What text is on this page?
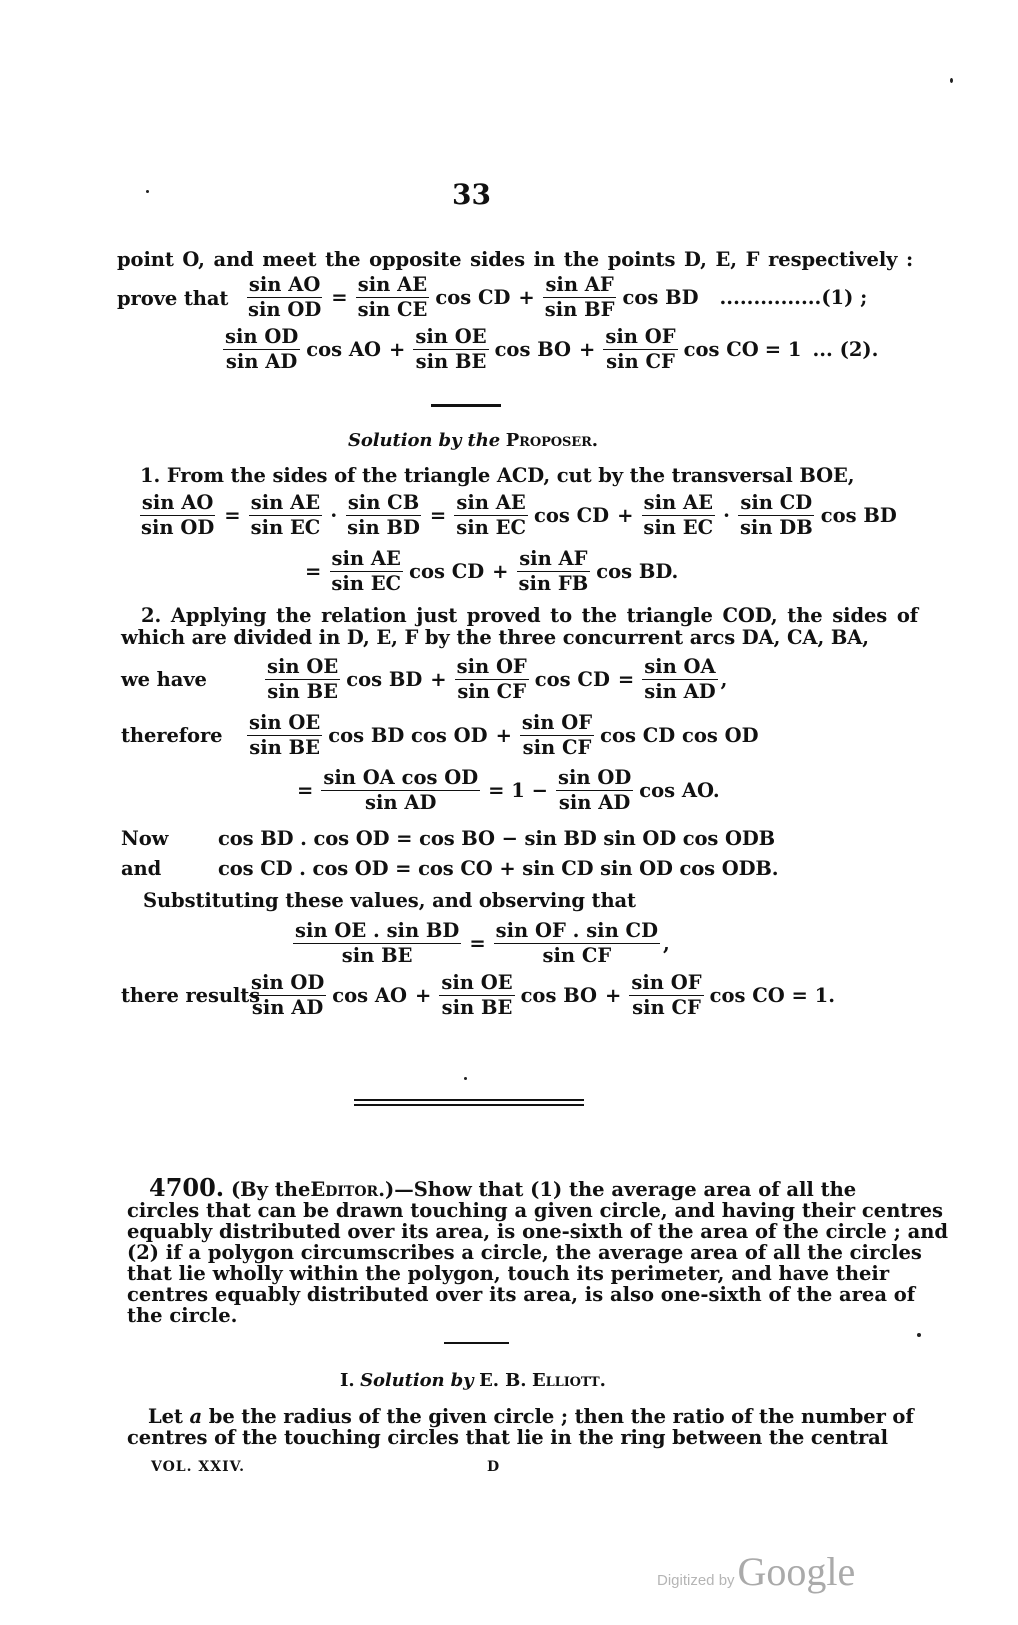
33
point O, and meet the opposite sides in the points D, E, F respectively :
prove that $\frac{\text{sin AO}}{\text{sin OD}} = \frac{\text{sin AE}}{\text{sin CE}}$ cos CD + $\frac{\text{sin AF}}{\text{sin BF}}$ cos BD ...............(1) ;
$\frac{\text{sin OD}}{\text{sin AD}}$ cos AO + $\frac{\text{sin OE}}{\text{sin BE}}$ cos BO + $\frac{\text{sin OF}}{\text{sin CF}}$ cos CO = 1 ... (2).
Solution by the Proposer.
1. From the sides of the triangle ACD, cut by the transversal BOE,
$\frac{\text{sin AO}}{\text{sin OD}} = \frac{\text{sin AE}}{\text{sin EC}} \cdot \frac{\text{sin CB}}{\text{sin BD}} = \frac{\text{sin AE}}{\text{sin EC}}$ cos CD + $\frac{\text{sin AE}}{\text{sin EC}} \cdot \frac{\text{sin CD}}{\text{sin DB}}$ cos BD
= $\frac{\text{sin AE}}{\text{sin EC}}$ cos CD + $\frac{\text{sin AF}}{\text{sin FB}}$ cos BD.
2. Applying the relation just proved to the triangle COD, the sides of
which are divided in D, E, F by the three concurrent arcs DA, CA, BA,
we have	$\frac{\text{sin OE}}{\text{sin BE}}$ cos BD + $\frac{\text{sin OF}}{\text{sin CF}}$ cos CD = $\frac{\text{sin OA}}{\text{sin AD}}$ ,
therefore $\frac{\text{sin OE}}{\text{sin BE}}$ cos BD cos OD + $\frac{\text{sin OF}}{\text{sin CF}}$ cos CD cos OD
= $\frac{\text{sin OA cos OD}}{\text{sin AD}} = 1 - \frac{\text{sin OD}}{\text{sin AD}}$ cos AO.
Now	cos BD . cos OD = cos BO − sin BD sin OD cos ODB
and	cos CD . cos OD = cos CO + sin CD sin OD cos ODB.
Substituting these values, and observing that
$\frac{\text{sin OE . sin BD}}{\text{sin BE}} = \frac{\text{sin OF . sin CD}}{\text{sin CF}}$ ,
there results
$\frac{\text{sin OD}}{\text{sin AD}}$ cos AO + $\frac{\text{sin OE}}{\text{sin BE}}$ cos BO + $\frac{\text{sin OF}}{\text{sin CF}}$ cos CO = 1.
4700. (By theEditor.)—Show that (1) the average area of all the
circles that can be drawn touching a given circle, and having their centres
equably distributed over its area, is one-sixth of the area of the circle ; and
(2) if a polygon circumscribes a circle, the average area of all the circles
that lie wholly within the polygon, touch its perimeter, and have their
centres equably distributed over its area, is also one-sixth of the area of
the circle.
I. Solution by E. B. Elliott.
Let a be the radius of the given circle ; then the ratio of the number of
centres of the touching circles that lie in the ring between the central
VOL. XXIV.	D
Digitized by Google
